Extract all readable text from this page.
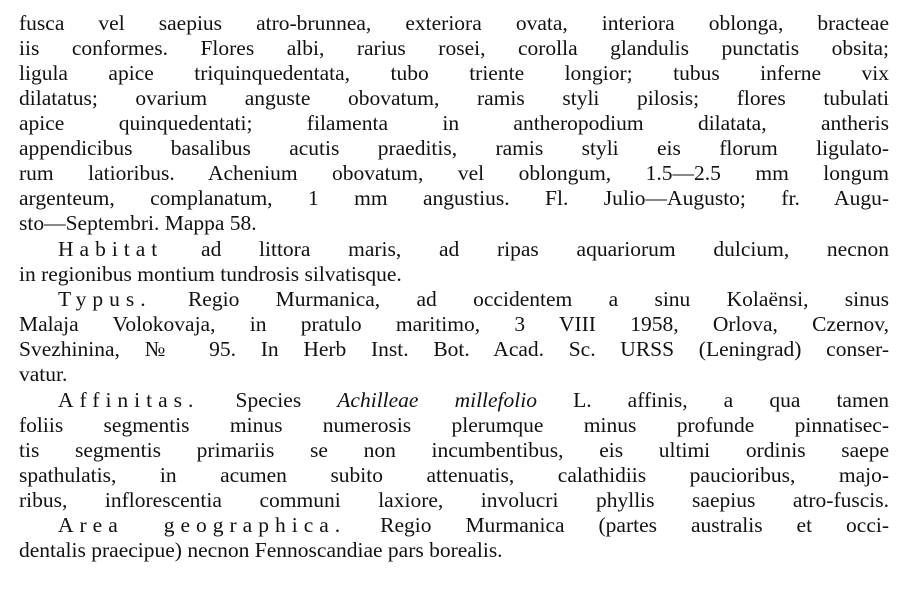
fusca vel saepius atro-brunnea, exteriora ovata, interiora oblonga, bracteae
iis conformes. Flores albi, rarius rosei, corolla glandulis punctatis obsita;
ligula apice triquinquedentata, tubo triente longior; tubus inferne vix
dilatatus; ovarium anguste obovatum, ramis styli pilosis; flores tubulati
apice quinquedentati; filamenta in antheropodium dilatata, antheris
appendicibus basalibus acutis praeditis, ramis styli eis florum ligulato-
rum latioribus. Achenium obovatum, vel oblongum, 1.5—2.5 mm longum
argenteum, complanatum, 1 mm angustius. Fl. Julio—Augusto; fr. Augu-
sto—Septembri. Mappa 58.
Habitat ad littora maris, ad ripas aquariorum dulcium, necnon
in regionibus montium tundrosis silvatisque.
Typus. Regio Murmanica, ad occidentem a sinu Kolaënsi, sinus
Malaja Volokovaja, in pratulo maritimo, 3 VIII 1958, Orlova, Czernov,
Svezhinina, № 95. In Herb Inst. Bot. Acad. Sc. URSS (Leningrad) conser-
vatur.
Affinitas. Species Achilleae millefolio L. affinis, a qua tamen
foliis segmentis minus numerosis plerumque minus profunde pinnatisec-
tis segmentis primariis se non incumbentibus, eis ultimi ordinis saepe
spathulatis, in acumen subito attenuatis, calathidiis paucioribus, majo-
ribus, inflorescentia communi laxiore, involucri phyllis saepius atro-fuscis.
Area geographica. Regio Murmanica (partes australis et occi-
dentalis praecipue) necnon Fennoscandiae pars borealis.
